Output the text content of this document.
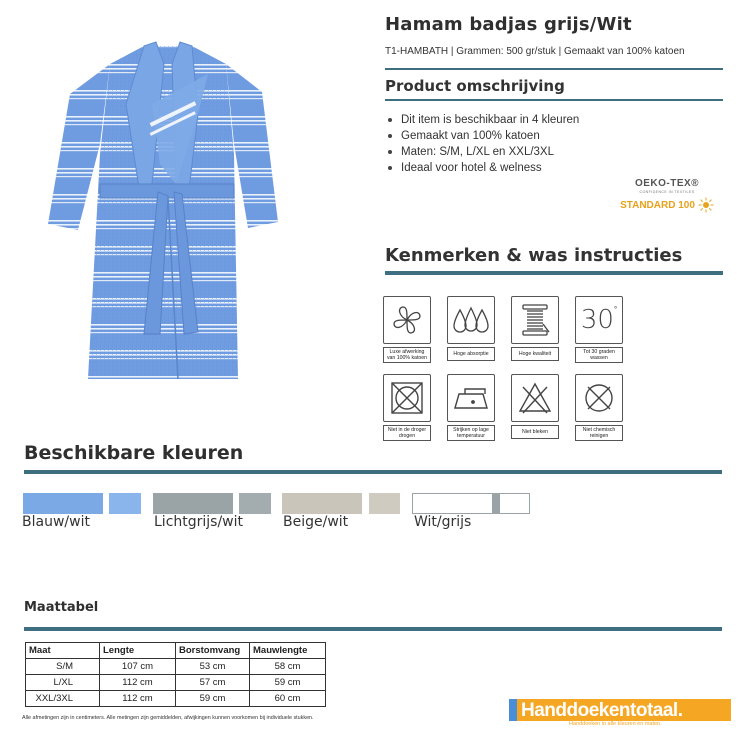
Hamam badjas grijs/Wit
T1-HAMBATH | Grammen: 500 gr/stuk | Gemaakt van 100% katoen
Product omschrijving
Dit item is beschikbaar in 4 kleuren
Gemaakt van 100% katoen
Maten: S/M, L/XL en XXL/3XL
Ideaal voor hotel & welness
OEKO-TEX®
CONFIDENCE IN TEXTILES
STANDARD 100
Kenmerken & was instructies
Luxe afwerking van 100% katoen
Hoge absorptie	Hoge kwaliteit
30 °
Tot 30 graden wassen
Niet in de droger drogen
Strijken op lage temperatuur
Niet bleken	Niet chemisch reinigen
Beschikbare kleuren
Blauw/wit	Lichtgrijs/wit	Beige/wit	Wit/grijs
Maattabel
Maat	Lengte	Borstomvang	Mauwlengte
S/M	107 cm	53 cm	58 cm
L/XL	112 cm	57 cm	59 cm
XXL/3XL	112 cm	59 cm	60 cm
Alle afmetingen zijn in centimeters. Alle metingen zijn gemiddelden, afwijkingen kunnen voorkomen bij individuele stukken.	Handdoekentotaal.
Handdoeken in alle kleuren en maten.
